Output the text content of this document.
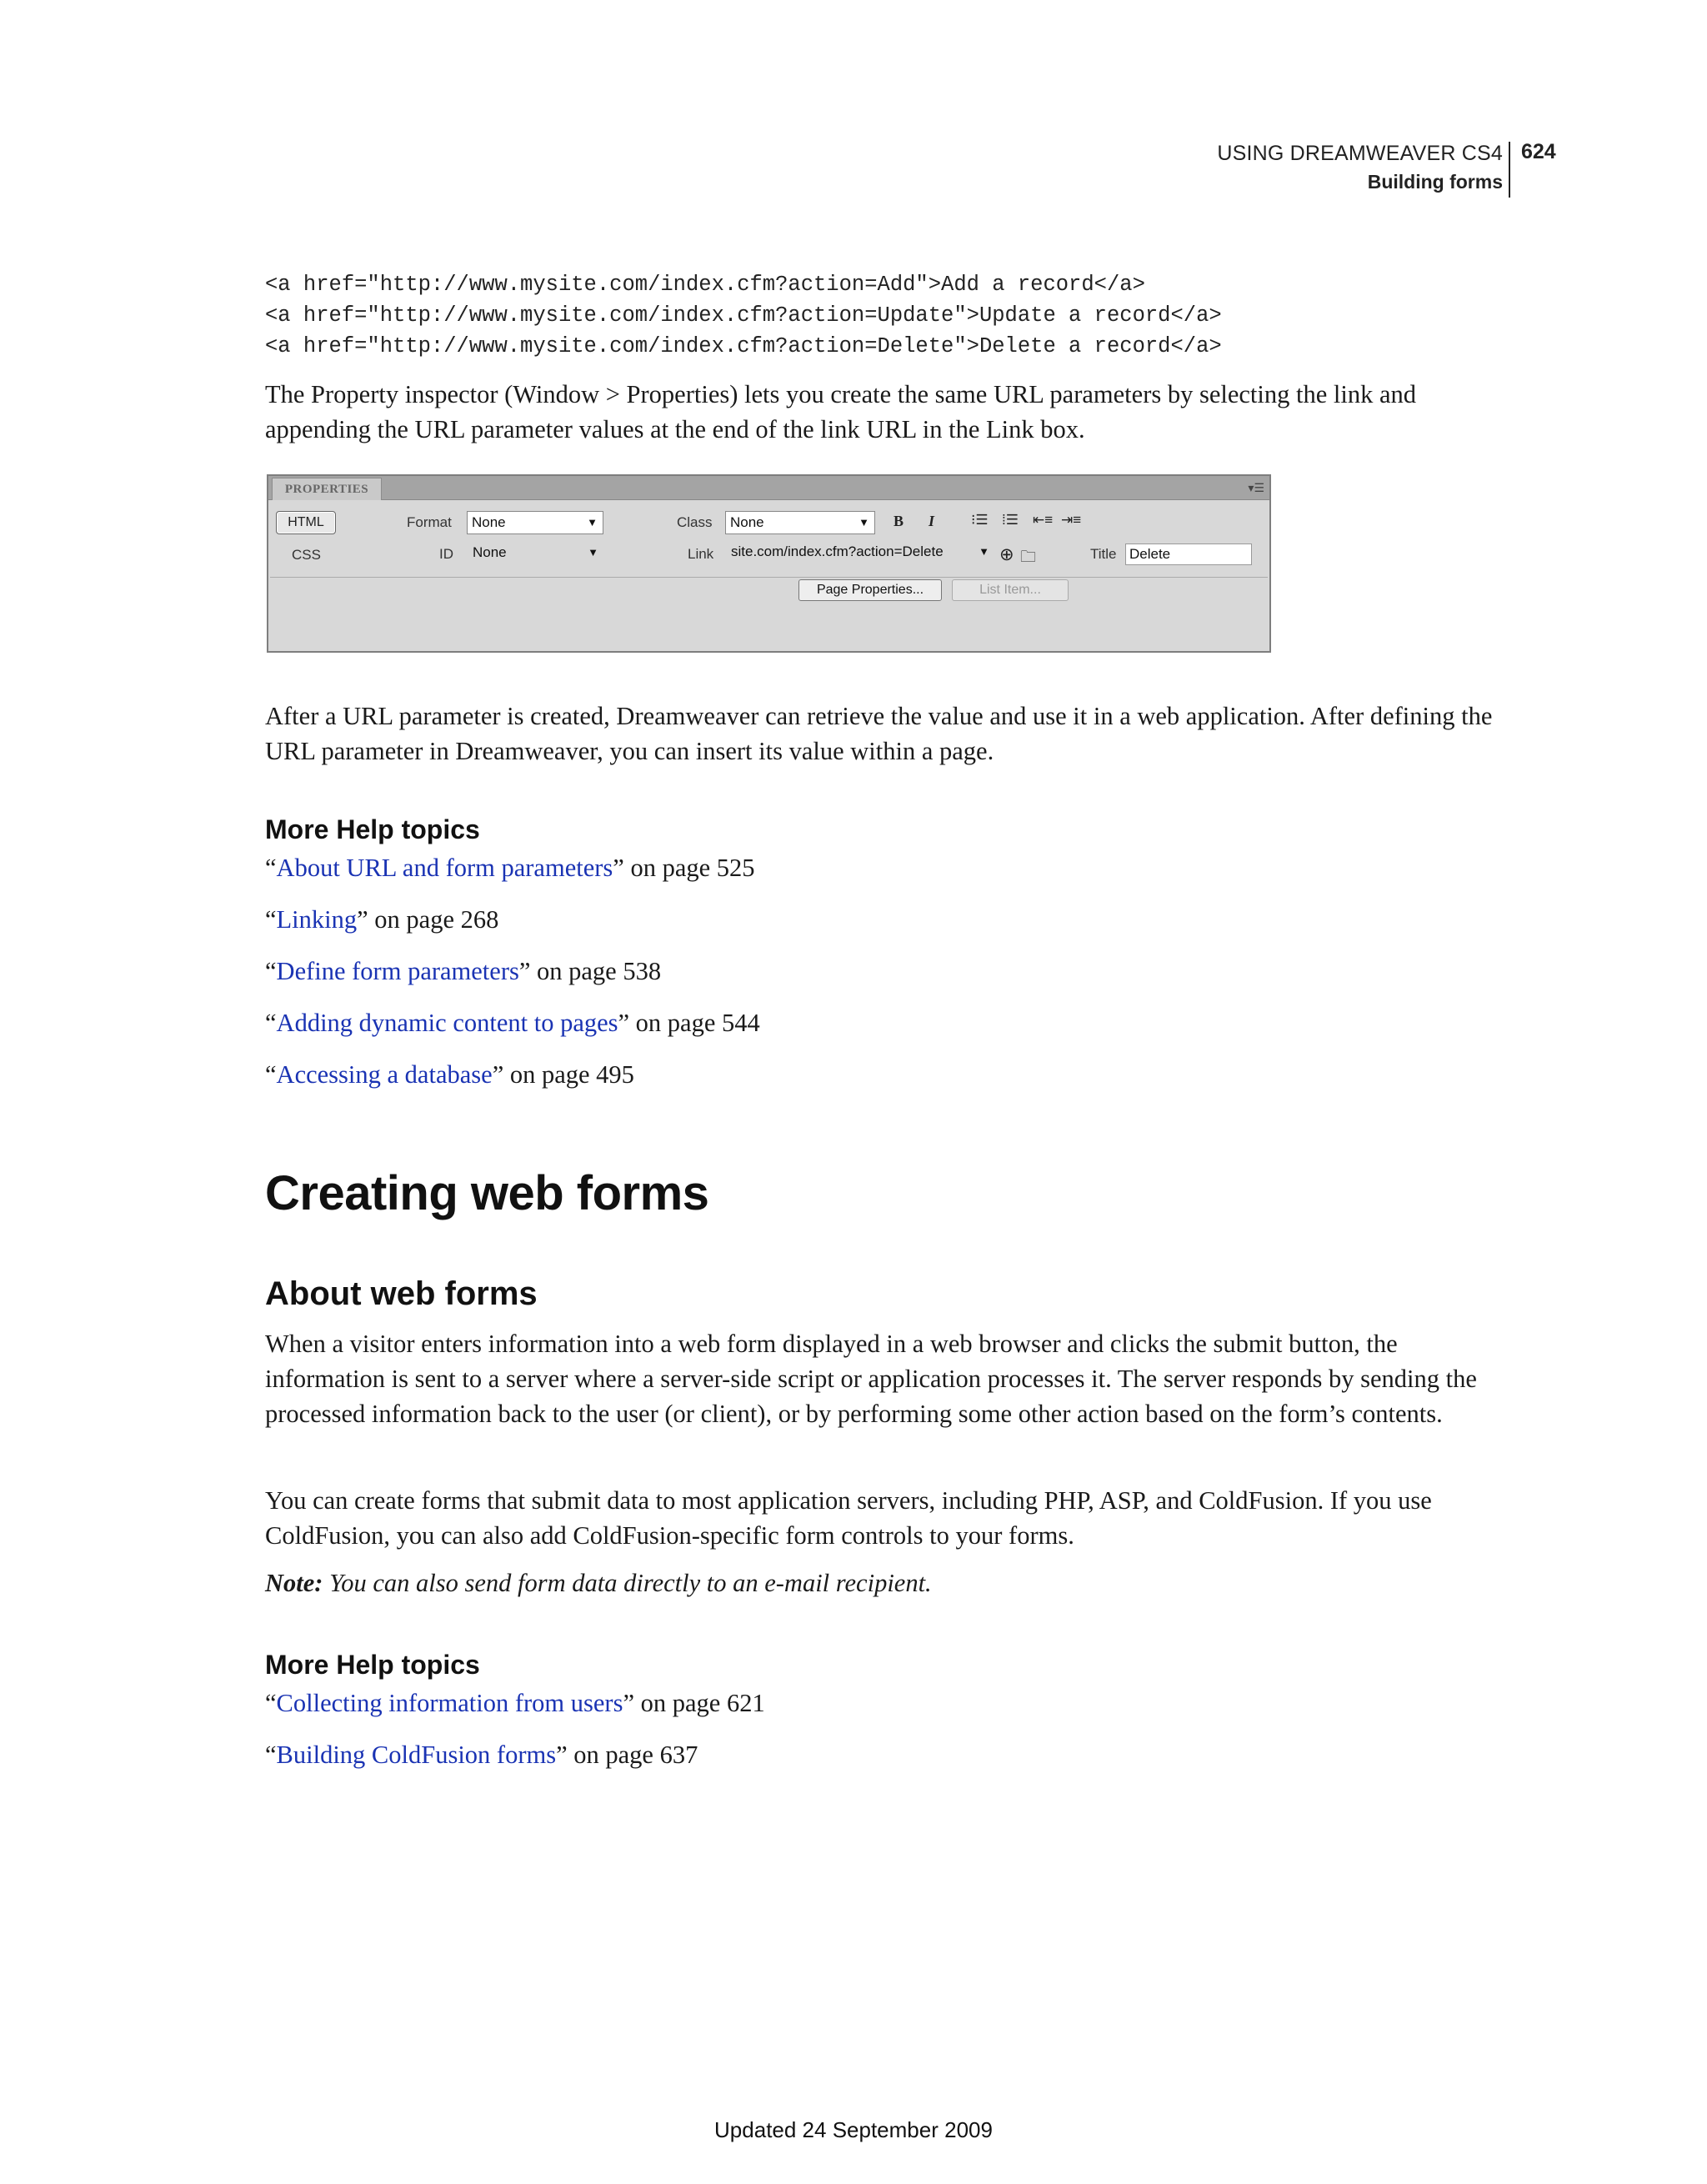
USING DREAMWEAVER CS4
Building forms
624
<a href="http://www.mysite.com/index.cfm?action=Add">Add a record</a>
<a href="http://www.mysite.com/index.cfm?action=Update">Update a record</a>
<a href="http://www.mysite.com/index.cfm?action=Delete">Delete a record</a>
The Property inspector (Window > Properties) lets you create the same URL parameters by selecting the link and appending the URL parameter values at the end of the link URL in the Link box.
PROPERTIES	▾☰
HTML
CSS
Format	None	▼
ID None	▼
Class	None	▼ B I	⁝☰ ⁞☰ ⇤≡ ⇥≡
Link site.com/index.cfm?action=Delete	▼ ⊕ 🗀	Title Delete
Page Properties...	List Item...
After a URL parameter is created, Dreamweaver can retrieve the value and use it in a web application. After defining the URL parameter in Dreamweaver, you can insert its value within a page.
More Help topics
“About URL and form parameters” on page 525
“Linking” on page 268
“Define form parameters” on page 538
“Adding dynamic content to pages” on page 544
“Accessing a database” on page 495
Creating web forms
About web forms
When a visitor enters information into a web form displayed in a web browser and clicks the submit button, the information is sent to a server where a server-side script or application processes it. The server responds by sending the processed information back to the user (or client), or by performing some other action based on the form’s contents.
You can create forms that submit data to most application servers, including PHP, ASP, and ColdFusion. If you use ColdFusion, you can also add ColdFusion-specific form controls to your forms.
Note: You can also send form data directly to an e-mail recipient.
More Help topics
“Collecting information from users” on page 621
“Building ColdFusion forms” on page 637
Updated 24 September 2009
